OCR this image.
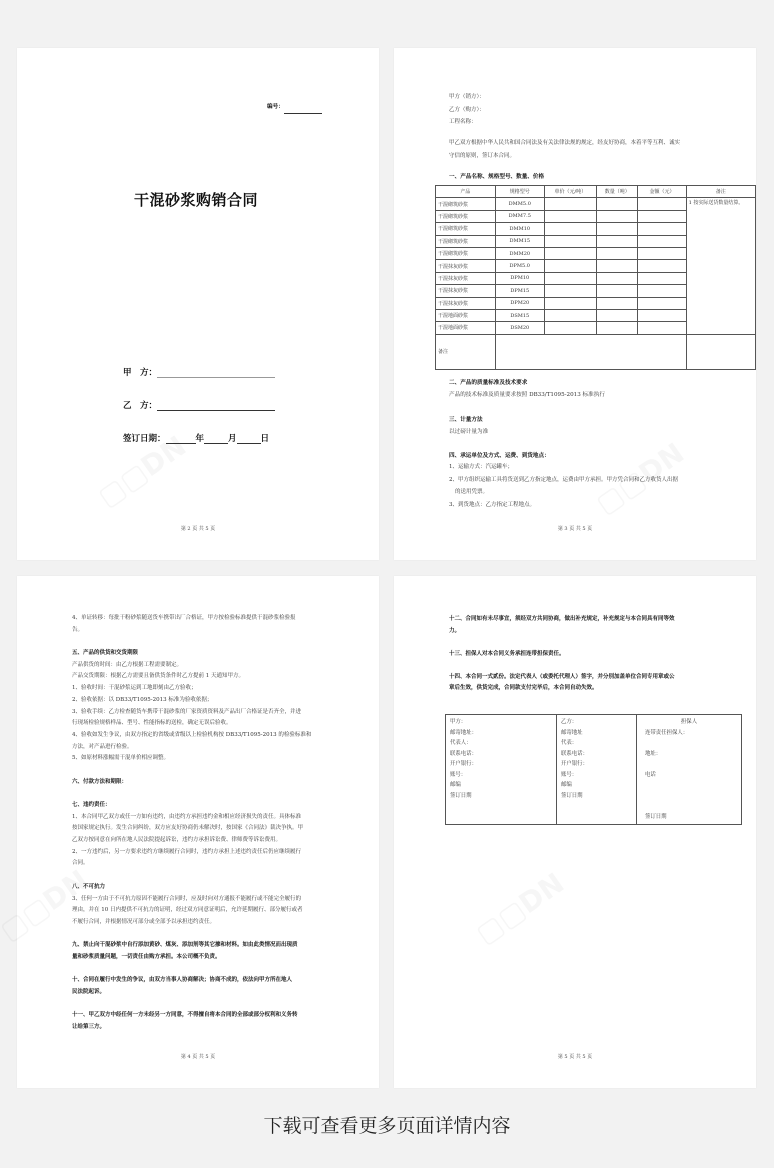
编号：
干混砂浆购销合同
甲　方：
乙　方：
签订日期：	年	月	日
第 2 页 共 5 页
甲方（销方）：
乙方（购方）：
工程名称：
甲乙双方根据中华人民共和国合同法及有关法律法规的规定，经友好协商，本着平等互利、诚实
守信的原则，签订本合同。
一、产品名称、规格型号、数量、价格
产品	规格型号	单价（元/吨）	数量（吨）	金额（元）	备注
干混砌筑砂浆	DMM5.0				1 按实际送货数量结算。
干混砌筑砂浆	DMM7.5				
干混砌筑砂浆	DMM10				
干混砌筑砂浆	DMM15				
干混砌筑砂浆	DMM20				
干混抹灰砂浆	DPM5.0				
干混抹灰砂浆	DPM10				
干混抹灰砂浆	DPM15				
干混抹灰砂浆	DPM20				
干混地面砂浆	DSM15				
干混地面砂浆	DSM20				
备注					
二、产品的质量标准及技术要求
产品的技术标准及质量要求按照 DB33/T1095-2013 标准执行
三、计量方法
以过磅计量为准
四、承运单位及方式、运费、到货地点：
1、运输方式：汽运罐车；
2、甲方组织运输工具将货送到乙方指定地点，运费由甲方承担。甲方凭合同和乙方收货人出据
的送用凭票。
3、到货地点：乙方指定工程地点。
第 3 页 共 5 页
4、单证转移：每批干粉砂浆随送货车携带出厂合格证，甲方按检验标准提供干混砂浆检验报
告。
五、产品的供货和交货期限
产品供货的时间：由乙方根据工程需要制定。
产品交货期限：根据乙方需要且备供货条件时乙方提前 1 天通知甲方。
1、验收时间：干混砂浆运到工地即刻由乙方验收；
2、验收依据：以 DB33/T1095-2013 标准为验收依据；
3、验收手续：乙方检查随货车携带干混砂浆的厂家资质资料及产品出厂合格证是否齐全，并进
行现场检验规格样品、型号、性能指标的送检，确定无误后验收。
4、验收如发生争议，由双方指定的省级或省级以上检验机构按 DB33/T1095-2013 的检验标准和
方法，对产品进行检验。
5、如原材料涨幅需干混单价相应调整。
六、付款方法和期限：
七、违约责任：
1、本合同甲乙双方或任一方如有违约，由违约方承担违约金和相应经济损失的责任。具体标准
按国家规定执行。发生合同纠纷，双方应友好协商仍未解决时，按国家《合同法》裁决争执。甲
乙双方按同意在向所在地人民法院提起诉讼，违约方承担诉讼费、律师费等诉讼费用。
2、一方违约后，另一方要求违约方继续履行合同时，违约方承担上述违约责任后仍应继续履行
合同。
八、不可抗力
3、任何一方由于不可抗力原因不能履行合同时，应及时向对方通报不能履行或不能完全履行的
理由，并在 10 日内提供不可抗力的证明，经过双方同意证明后，允许延期履行、部分履行或者
不履行合同，并根据情况可部分或全部予以承担违约责任。
九、禁止向干混砂浆中自行添加黄砂、煤灰、添加剂等其它掺和材料。如由此类情况而出现质
量和砂浆质量问题，一切责任由购方承担。本公司概不负责。
十、合同在履行中发生的争议，由双方当事人协商解决；协商不成的，依法向甲方所在地人
民法院起诉。
十一、甲乙双方中经任何一方未经另一方同意，不得擅自将本合同的全部或部分权利和义务转
让给第三方。
第 4 页 共 5 页
十二、合同如有未尽事宜，须经双方共同协商，做出补充规定，补充规定与本合同具有同等效
力。
十三、担保人对本合同义务承担连带担保责任。
十四、本合同一式贰份。法定代表人（或委托代理人）签字，并分别加盖单位合同专用章或公
章后生效，供货完成，合同款支付完毕后，本合同自动失效。
甲方：
邮寄地址：
代表人：
联系电话：
开户银行：
账号：
邮编
签订日期

乙方：
邮寄地址
代表：
联系电话：
开户银行：
账号：
邮编
签订日期

担保人
连带责任担保人：
地址：
电话
签订日期
第 5 页 共 5 页
下载可查看更多页面详情内容
